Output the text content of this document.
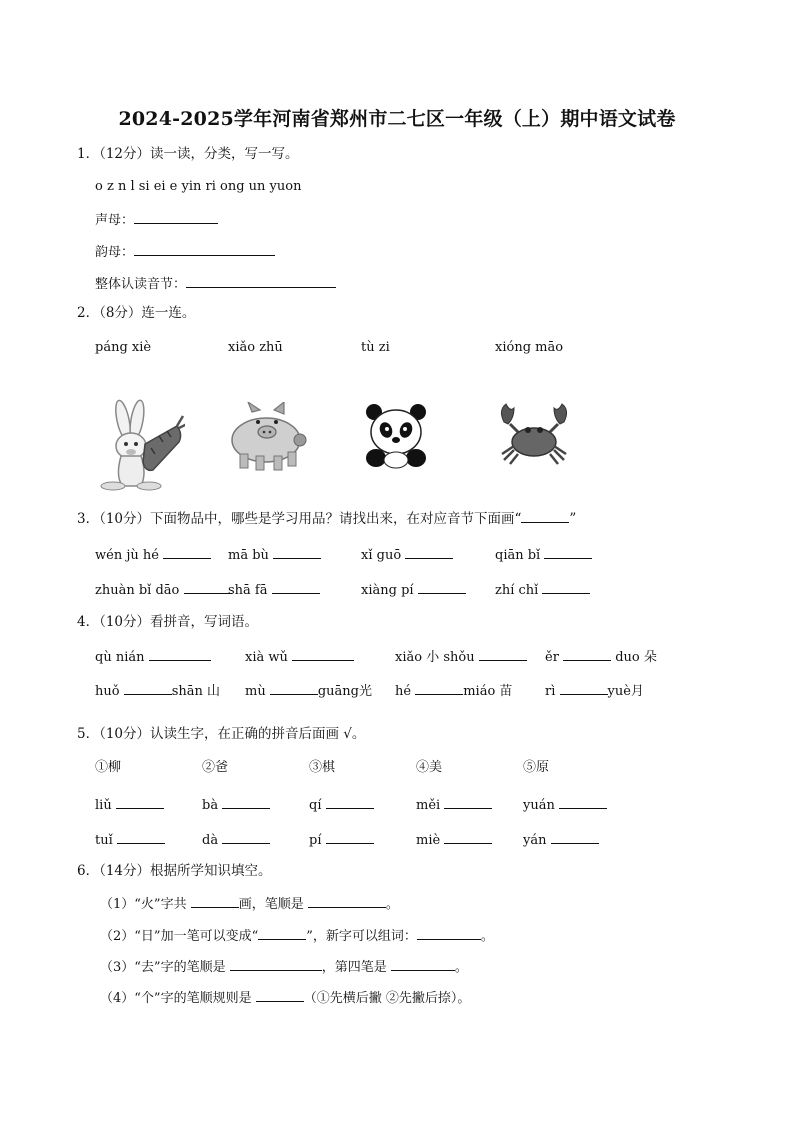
2024-2025学年河南省郑州市二七区一年级（上）期中语文试卷
1．（12分）读一读，分类，写一写。
o z n l si ei e yin ri ong un yuon
声母：
韵母：
整体认读音节：
2．（8分）连一连。
páng xiè	xiǎo zhū	tù zi	xióng māo
3．（10分）下面物品中，哪些是学习用品？请找出来，在对应音节下面画“	”
wén jù hé	mā bù	xǐ guō	qiān bǐ
zhuàn bǐ dāo	shā fā	xiàng pí	zhí chǐ
4．（10分）看拼音，写词语。
qù nián	xià wǔ	xiǎo 小 shǒu	ěr	duo 朵
huǒ	shān 山 mù	guāng光 hé	miáo 苗	rì	yuè月
5．（10分）认读生字，在正确的拼音后面画 √。
①柳	②爸	③棋	④美	⑤原
liǔ	bà	qí	měi	yuán
tuǐ	dà	pí	miè	yán
6．（14分）根据所学知识填空。
（1）“火”字共	画，笔顺是	。
（2）“日”加一笔可以变成“	”，新字可以组词：	。
（3）“去”字的笔顺是	，第四笔是	。
（4）“个”字的笔顺规则是	（①先横后撇 ②先撇后捺）。
